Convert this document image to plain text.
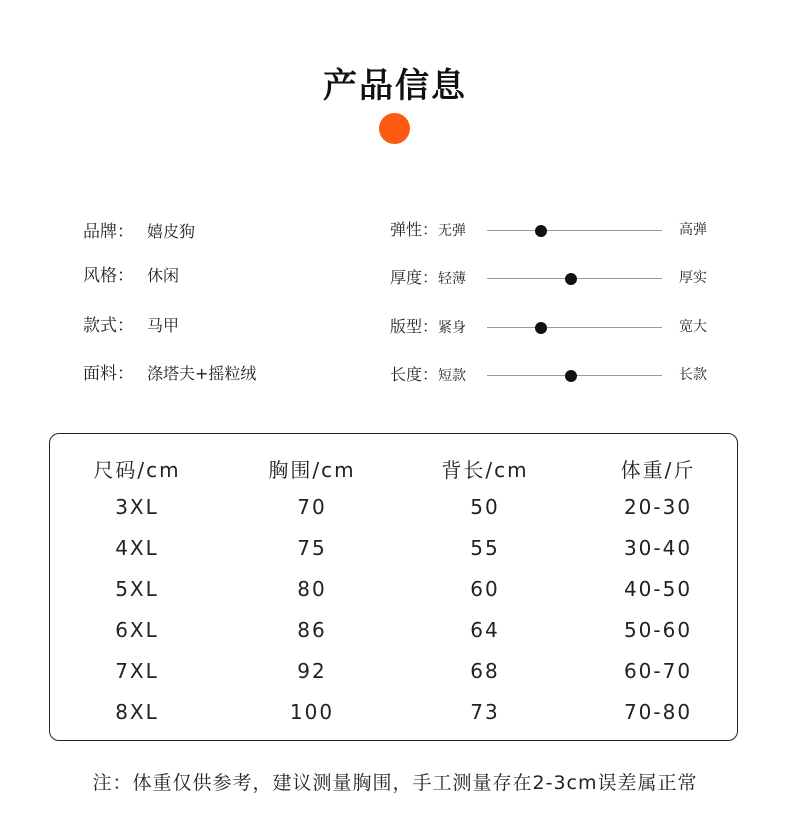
产品信息
品牌： 嬉皮狗
风格： 休闲
款式： 马甲
面料： 涤塔夫+摇粒绒
弹性：无弹	高弹
厚度：轻薄	厚实
版型：紧身	宽大
长度：短款	长款
尺码/cm	胸围/cm	背长/cm	体重/斤
3XL	70	50	20-30
4XL	75	55	30-40
5XL	80	60	40-50
6XL	86	64	50-60
7XL	92	68	60-70
8XL	100	73	70-80
注：体重仅供参考，建议测量胸围，手工测量存在2-3cm误差属正常
